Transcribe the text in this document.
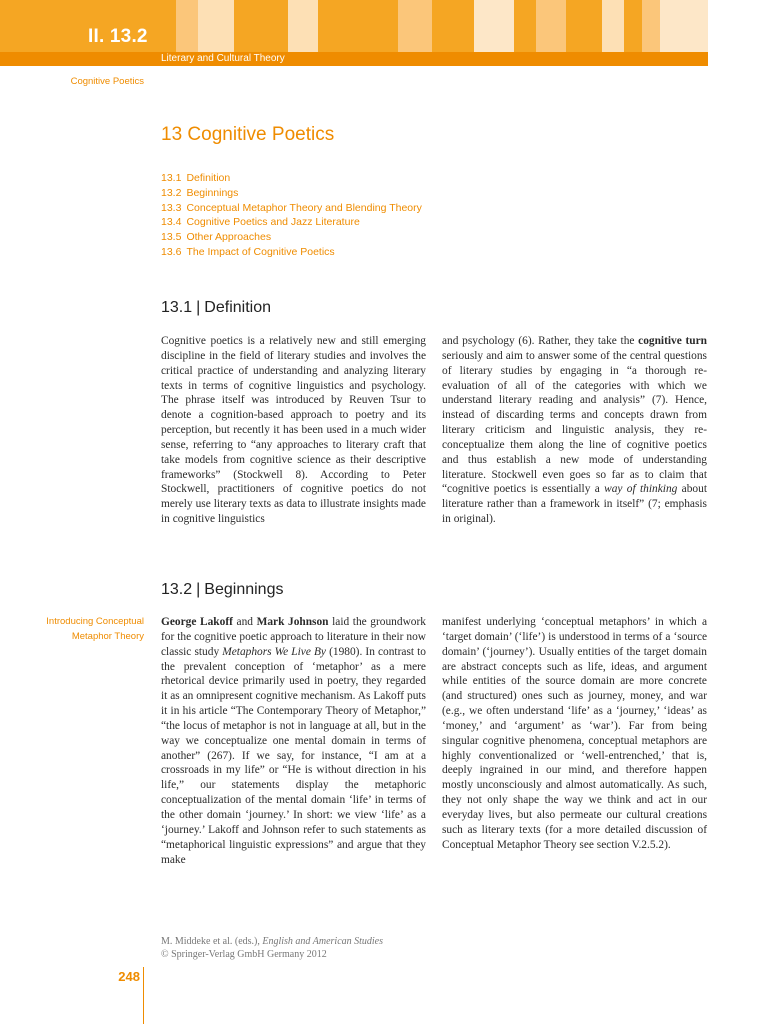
II. 13.2
Literary and Cultural Theory
Cognitive Poetics
13 Cognitive Poetics
13.1 Definition
13.2 Beginnings
13.3 Conceptual Metaphor Theory and Blending Theory
13.4 Cognitive Poetics and Jazz Literature
13.5 Other Approaches
13.6 The Impact of Cognitive Poetics
13.1 | Definition

Cognitive poetics is a relatively new and still emerging discipline in the field of literary studies and involves the critical practice of understanding and analyzing literary texts in terms of cognitive linguistics and psychology. The phrase itself was introduced by Reuven Tsur to denote a cognition-based approach to poetry and its perception, but recently it has been used in a much wider sense, referring to “any approaches to literary craft that take models from cognitive science as their descriptive frameworks” (Stockwell 8). According to Peter Stockwell, practitioners of cognitive poetics do not merely use literary texts as data to illustrate insights made in cognitive linguistics

and psychology (6). Rather, they take the cognitive turn seriously and aim to answer some of the central questions of literary studies by engaging in “a thorough re-evaluation of all of the categories with which we understand literary reading and analysis” (7). Hence, instead of discarding terms and concepts drawn from literary criticism and linguistic analysis, they re-conceptualize them along the line of cognitive poetics and thus establish a new mode of understanding literature. Stockwell even goes so far as to claim that “cognitive poetics is essentially a way of thinking about literature rather than a framework in itself” (7; emphasis in original).

13.2 | Beginnings
Introducing Conceptual Metaphor Theory

George Lakoff and Mark Johnson laid the groundwork for the cognitive poetic approach to literature in their now classic study Metaphors We Live By (1980). In contrast to the prevalent conception of ‘metaphor’ as a mere rhetorical device primarily used in poetry, they regarded it as an omnipresent cognitive mechanism. As Lakoff puts it in his article “The Contemporary Theory of Metaphor,” “the locus of metaphor is not in language at all, but in the way we conceptualize one mental domain in terms of another” (267). If we say, for instance, “I am at a crossroads in my life” or “He is without direction in his life,” our statements display the metaphoric conceptualization of the mental domain ‘life’ in terms of the other domain ‘journey.’ In short: we view ‘life’ as a ‘journey.’ Lakoff and Johnson refer to such statements as “metaphorical linguistic expressions” and argue that they make

manifest underlying ‘conceptual metaphors’ in which a ‘target domain’ (‘life’) is understood in terms of a ‘source domain’ (‘journey’). Usually entities of the target domain are abstract concepts such as life, ideas, and argument while entities of the source domain are more concrete (and structured) ones such as journey, money, and war (e.g., we often understand ‘life’ as a ‘journey,’ ‘ideas’ as ‘money,’ and ‘argument’ as ‘war’). Far from being singular cognitive phenomena, conceptual metaphors are highly conventionalized or ‘well-entrenched,’ that is, deeply ingrained in our mind, and therefore happen mostly unconsciously and almost automatically. As such, they not only shape the way we think and act in our everyday lives, but also permeate our cultural creations such as literary texts (for a more detailed discussion of Conceptual Metaphor Theory see section V.2.5.2).

M. Middeke et al. (eds.), English and American Studies
© Springer-Verlag GmbH Germany 2012
248
